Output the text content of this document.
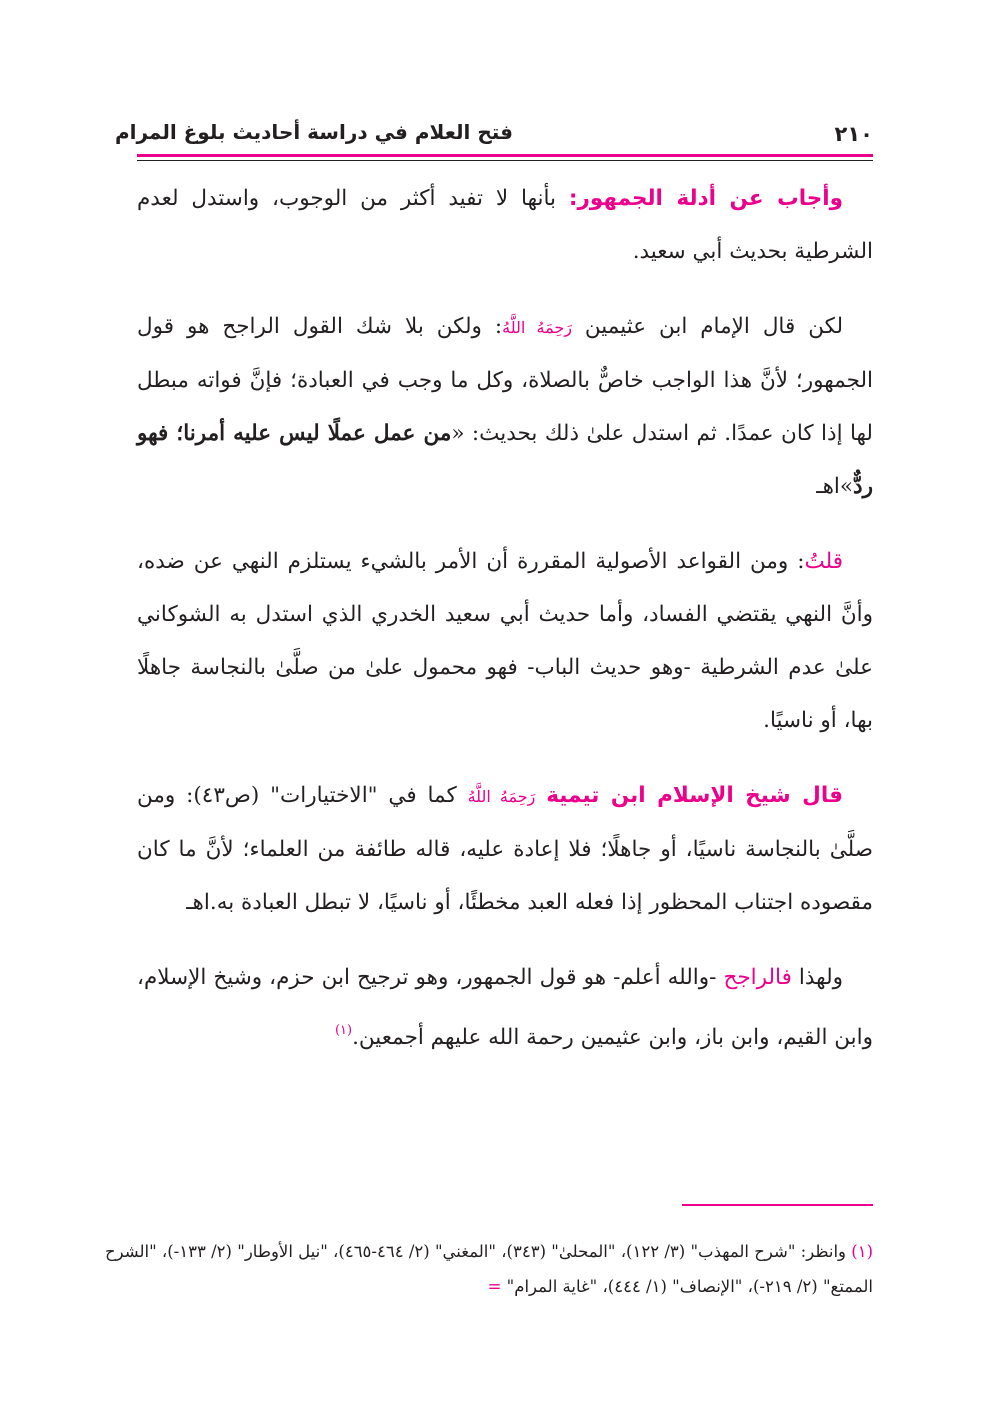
فتح العلام في دراسة أحاديث بلوغ المرام	٢١٠

وأجاب عن أدلة الجمهور: بأنها لا تفيد أكثر من الوجوب، واستدل لعدم الشرطية بحديث أبي سعيد.

لكن قال الإمام ابن عثيمين رَحِمَهُ اللَّهُ: ولكن بلا شك القول الراجح هو قول الجمهور؛ لأنَّ هذا الواجب خاصٌّ بالصلاة، وكل ما وجب في العبادة؛ فإنَّ فواته مبطل لها إذا كان عمدًا. ثم استدل علىٰ ذلك بحديث: «من عمل عملًا ليس عليه أمرنا؛ فهو ردٌّ»اهـ

قلتُ: ومن القواعد الأصولية المقررة أن الأمر بالشيء يستلزم النهي عن ضده، وأنَّ النهي يقتضي الفساد، وأما حديث أبي سعيد الخدري الذي استدل به الشوكاني علىٰ عدم الشرطية -وهو حديث الباب- فهو محمول علىٰ من صلَّىٰ بالنجاسة جاهلًا بها، أو ناسيًا.

قال شيخ الإسلام ابن تيمية رَحِمَهُ اللَّهُ كما في "الاختيارات" (ص٤٣): ومن صلَّىٰ بالنجاسة ناسيًا، أو جاهلًا؛ فلا إعادة عليه، قاله طائفة من العلماء؛ لأنَّ ما كان مقصوده اجتناب المحظور إذا فعله العبد مخطئًا، أو ناسيًا، لا تبطل العبادة به.اهـ

ولهذا فالراجح -والله أعلم- هو قول الجمهور، وهو ترجيح ابن حزم، وشيخ الإسلام، وابن القيم، وابن باز، وابن عثيمين رحمة الله عليهم أجمعين.$^{(١)}$

(١) وانظر: "شرح المهذب" (٣/ ١٢٢)، "المحلىٰ" (٣٤٣)، "المغني" (٢/ ٤٦٤-٤٦٥)، "نيل الأوطار" (٢/ ١٣٣-)، "الشرح الممتع" (٢/ ٢١٩-)، "الإنصاف" (١/ ٤٤٤)، "غاية المرام" =
